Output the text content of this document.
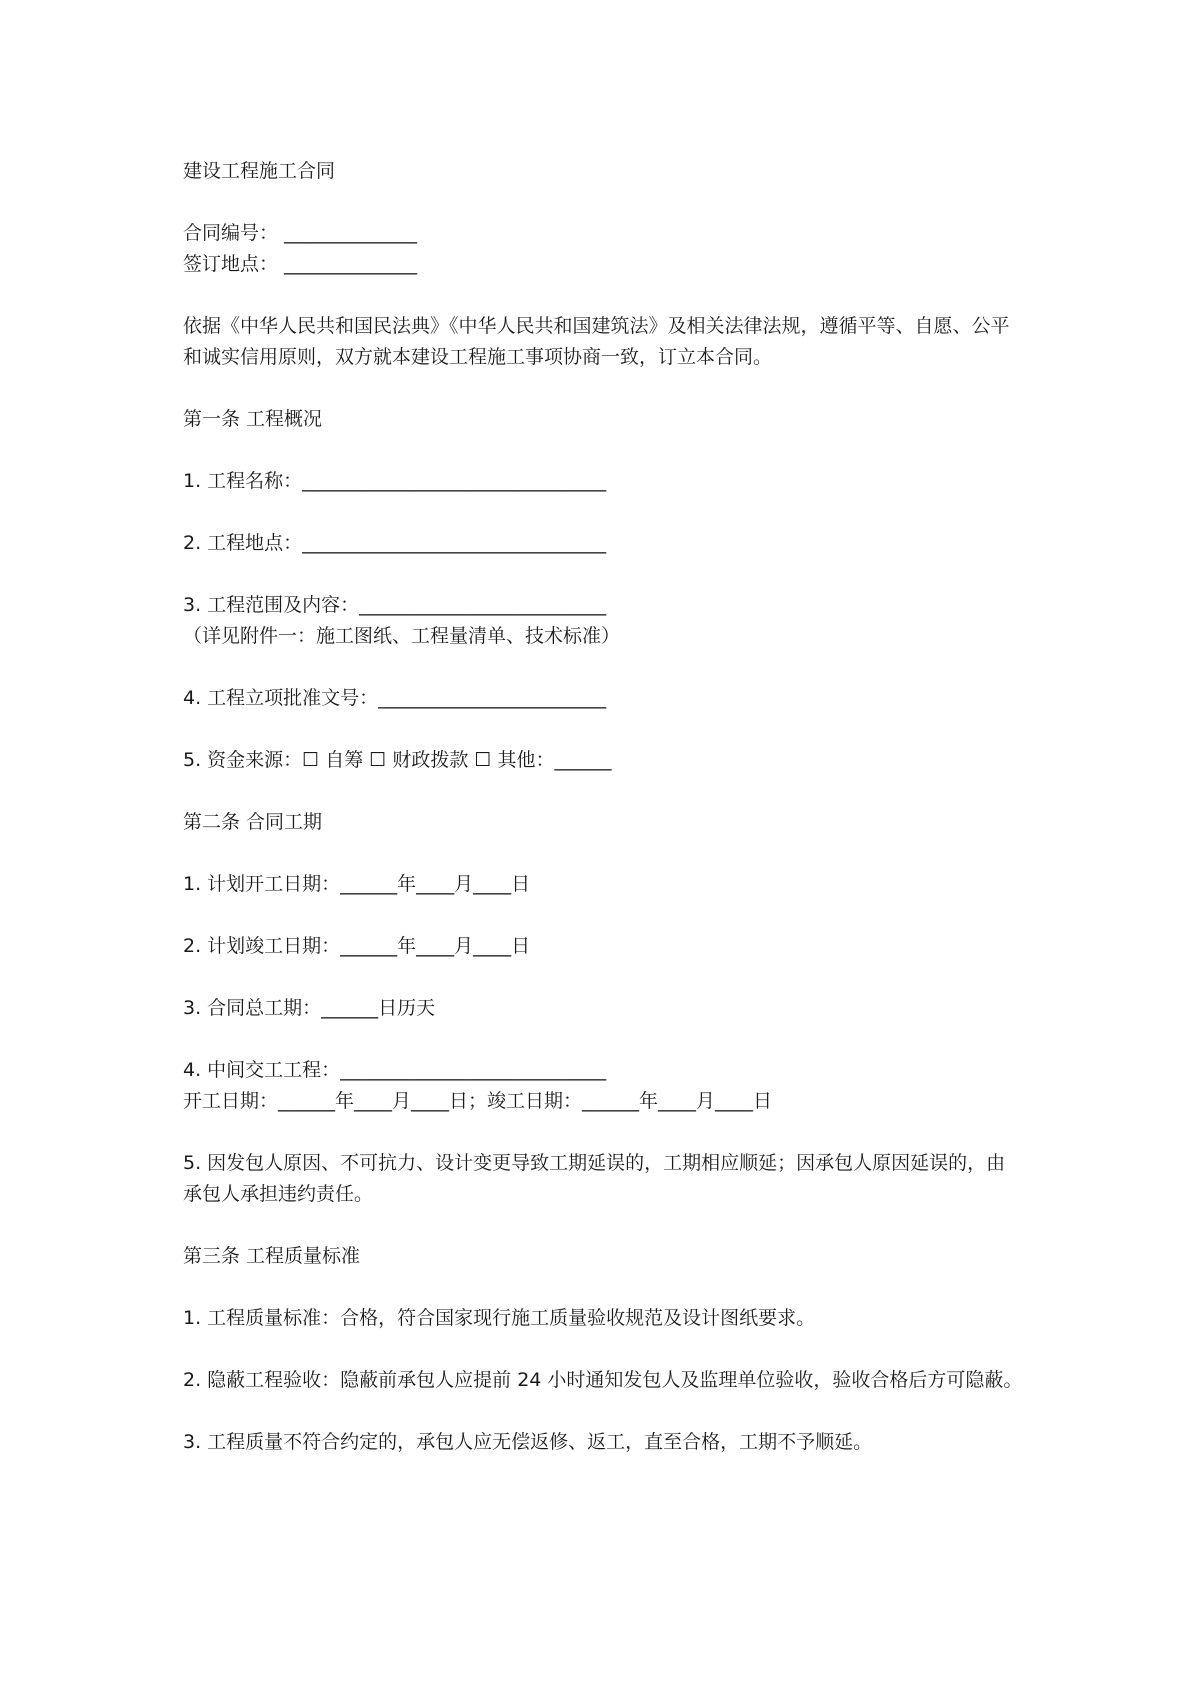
建设工程施工合同
合同编号： ______________
签订地点： ______________
依据《中华人民共和国民法典》《中华人民共和国建筑法》及相关法律法规，遵循平等、自愿、公平和诚实信用原则，双方就本建设工程施工事项协商一致，订立本合同。
第一条 工程概况
1. 工程名称：________________________________
2. 工程地点：________________________________
3. 工程范围及内容：__________________________
（详见附件一：施工图纸、工程量清单、技术标准）
4. 工程立项批准文号：________________________
5. 资金来源：☐ 自筹 ☐ 财政拨款 ☐ 其他：______
第二条 合同工期
1. 计划开工日期：______年____月____日
2. 计划竣工日期：______年____月____日
3. 合同总工期：______日历天
4. 中间交工工程：____________________________
开工日期：______年____月____日；竣工日期：______年____月____日
5. 因发包人原因、不可抗力、设计变更导致工期延误的，工期相应顺延；因承包人原因延误的，由承包人承担违约责任。
第三条 工程质量标准
1. 工程质量标准：合格，符合国家现行施工质量验收规范及设计图纸要求。
2. 隐蔽工程验收：隐蔽前承包人应提前 24 小时通知发包人及监理单位验收，验收合格后方可隐蔽。
3. 工程质量不符合约定的，承包人应无偿返修、返工，直至合格，工期不予顺延。
